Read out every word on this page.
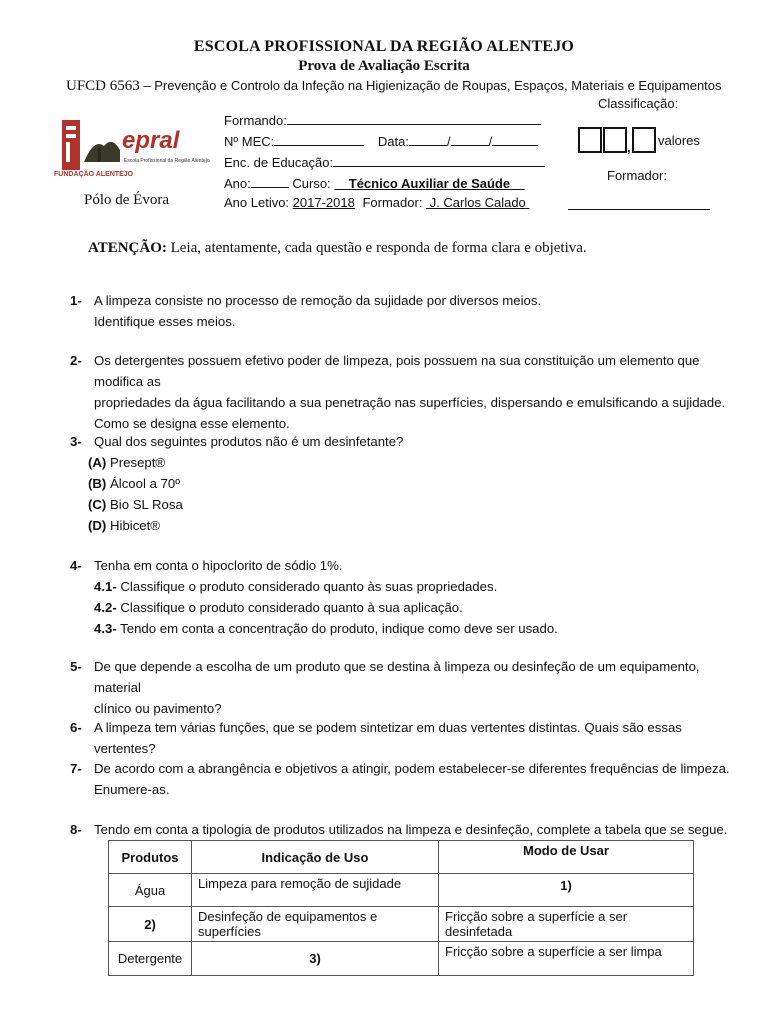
ESCOLA PROFISSIONAL DA REGIÃO ALENTEJO
Prova de Avaliação Escrita
UFCD 6563 – Prevenção e Controlo da Infeção na Higienização de Roupas, Espaços, Materiais e Equipamentos
Classificação:
epral
Escola Profissional da Região Alentejo
FUNDAÇÃO ALENTEJO
Pólo de Évora
Formando:
Nº MEC:	Data:	/	/
Enc. de Educação:
Ano:	Curso: Técnico Auxiliar de Saúde
Ano Letivo: 2017-2018 Formador: J. Carlos Calado
, valores
Formador:
ATENÇÃO: Leia, atentamente, cada questão e responda de forma clara e objetiva.
1- A limpeza consiste no processo de remoção da sujidade por diversos meios.
Identifique esses meios.
2- Os detergentes possuem efetivo poder de limpeza, pois possuem na sua constituição um elemento que modifica as
propriedades da água facilitando a sua penetração nas superfícies, dispersando e emulsificando a sujidade.
Como se designa esse elemento.
3- Qual dos seguintes produtos não é um desinfetante?
(A) Presept®
(B) Álcool a 70º
(C) Bio SL Rosa
(D) Hibicet®
4- Tenha em conta o hipoclorito de sódio 1%.
4.1- Classifique o produto considerado quanto às suas propriedades.
4.2- Classifique o produto considerado quanto à sua aplicação.
4.3- Tendo em conta a concentração do produto, indique como deve ser usado.
5- De que depende a escolha de um produto que se destina à limpeza ou desinfeção de um equipamento, material
clínico ou pavimento?
6- A limpeza tem várias funções, que se podem sintetizar em duas vertentes distintas. Quais são essas vertentes?
7- De acordo com a abrangência e objetivos a atingir, podem estabelecer-se diferentes frequências de limpeza.
Enumere-as.
8- Tendo em conta a tipologia de produtos utilizados na limpeza e desinfeção, complete a tabela que se segue.
Produtos	Indicação de Uso	Modo de Usar
Água	Limpeza para remoção de sujidade	1)
2)	Desinfeção de equipamentos e superfícies	Fricção sobre a superfície a ser desinfetada
Detergente	3)	Fricção sobre a superfície a ser limpa
